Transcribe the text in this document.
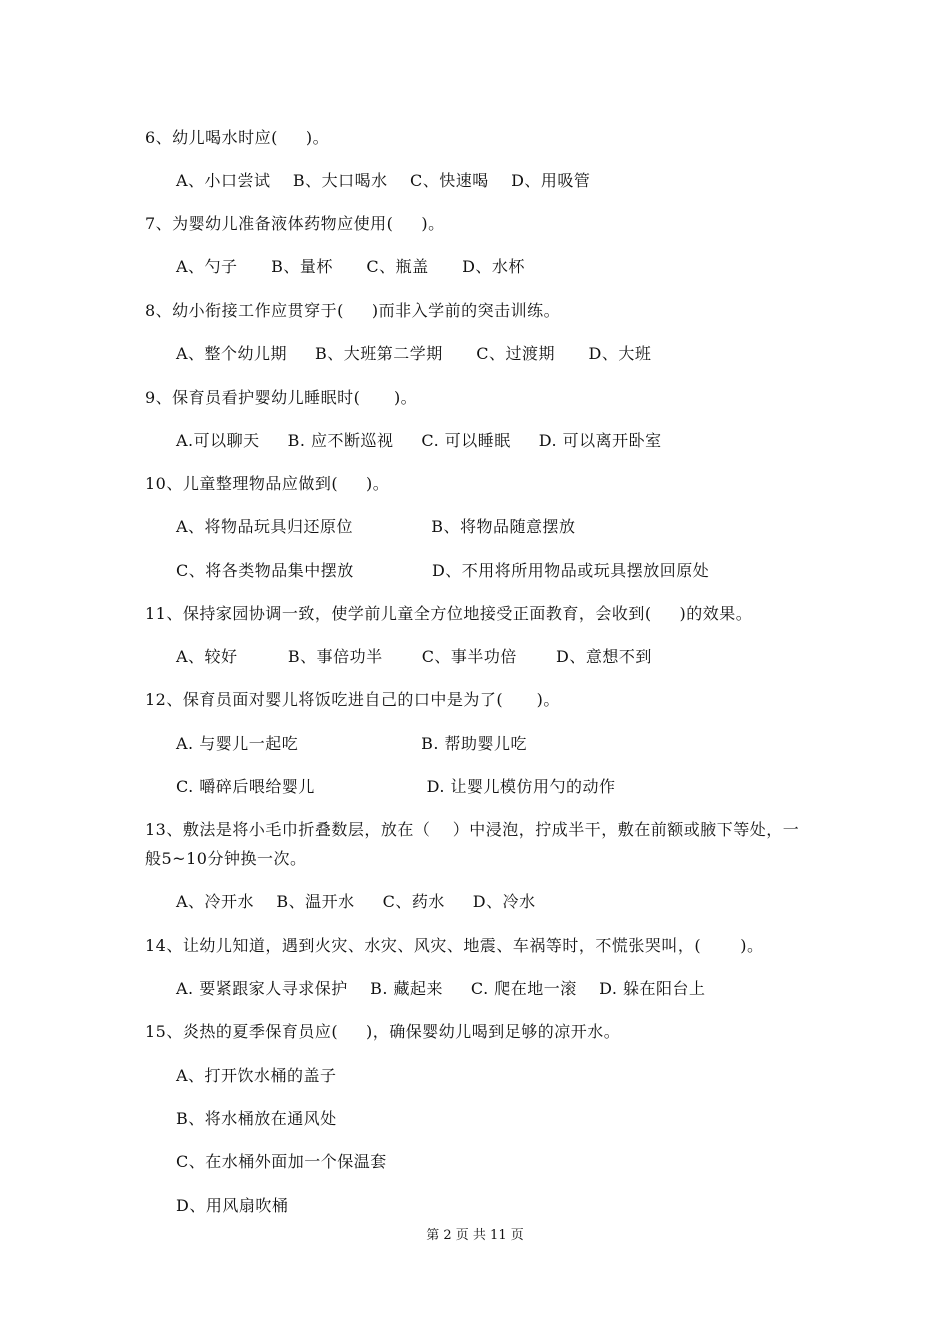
6、幼儿喝水时应(     )。
A、小口尝试    B、大口喝水    C、快速喝    D、用吸管
7、为婴幼儿准备液体药物应使用(     )。
A、勺子      B、量杯      C、瓶盖      D、水杯
8、幼小衔接工作应贯穿于(     )而非入学前的突击训练。
A、整个幼儿期     B、大班第二学期      C、过渡期      D、大班
9、保育员看护婴幼儿睡眠时(      )。
A.可以聊天     B. 应不断巡视     C. 可以睡眠     D. 可以离开卧室
10、儿童整理物品应做到(     )。
A、将物品玩具归还原位              B、将物品随意摆放
C、将各类物品集中摆放              D、不用将所用物品或玩具摆放回原处
11、保持家园协调一致，使学前儿童全方位地接受正面教育，会收到(     )的效果。
A、较好         B、事倍功半       C、事半功倍       D、意想不到
12、保育员面对婴儿将饭吃进自己的口中是为了(      )。
A. 与婴儿一起吃                      B. 帮助婴儿吃
C. 嚼碎后喂给婴儿                    D. 让婴儿模仿用勺的动作
13、敷法是将小毛巾折叠数层，放在（    ）中浸泡，拧成半干，敷在前额或腋下等处，一
般5~10分钟换一次。
A、冷开水    B、温开水     C、药水     D、冷水
14、让幼儿知道，遇到火灾、水灾、风灾、地震、车祸等时，不慌张哭叫，(       )。
A. 要紧跟家人寻求保护    B. 藏起来     C. 爬在地一滚    D. 躲在阳台上
15、炎热的夏季保育员应(     )，确保婴幼儿喝到足够的凉开水。
A、打开饮水桶的盖子
B、将水桶放在通风处
C、在水桶外面加一个保温套
D、用风扇吹桶
第 2 页 共 11 页
